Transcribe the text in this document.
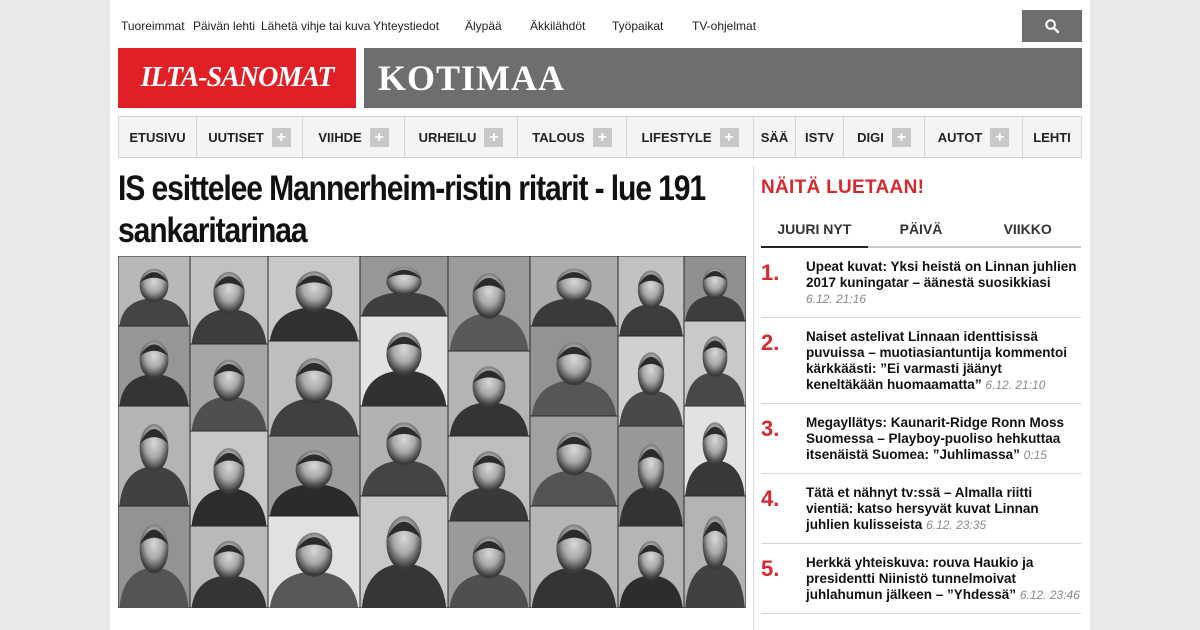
Tuoreimmat Päivän lehti Lähetä vihje tai kuva Yhteystiedot Älypää Äkkilähdöt Työpaikat TV-ohjelmat
ILTA-SANOMAT KOTIMAA
ETUSIVU UUTISET +	VIIHDE +	URHEILU +	TALOUS +	LIFESTYLE +	SÄÄ ISTV DIGI +	AUTOT +	LEHTI
IS esittelee Mannerheim-ristin ritarit - lue 191 sankaritarinaa
NÄITÄ LUETAAN!
JUURI NYT	PÄIVÄ	VIIKKO
1. Upeat kuvat: Yksi heistä on Linnan juhlien 2017 kuningatar – äänestä suosikkiasi 6.12. 21:16
2. Naiset astelivat Linnaan identtisissä puvuissa – muotiasiantuntija kommentoi kärkkäästi: ”Ei varmasti jäänyt keneltäkään huomaamatta” 6.12. 21:10
3. Megayllätys: Kaunarit-Ridge Ronn Moss Suomessa – Playboy-puoliso hehkuttaa itsenäistä Suomea: ”Juhlimassa” 0:15
4. Tätä et nähnyt tv:ssä – Almalla riitti vientiä: katso hersyvät kuvat Linnan juhlien kulisseista 6.12. 23:35
5. Herkkä yhteiskuva: rouva Haukio ja presidentti Niinistö tunnelmoivat juhlahumun jälkeen – ”Yhdessä” 6.12. 23:46
